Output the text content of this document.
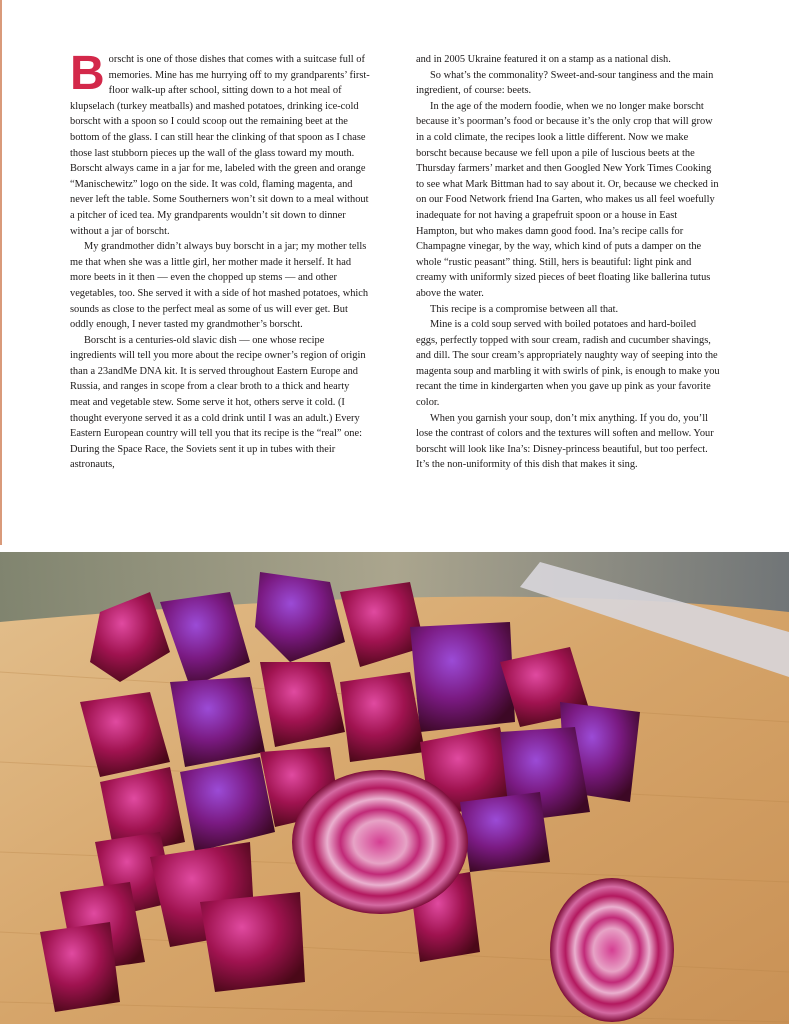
Borscht is one of those dishes that comes with a suitcase full of memories. Mine has me hurrying off to my grandparents’ first-floor walk-up after school, sitting down to a hot meal of klupselach (turkey meatballs) and mashed potatoes, drinking ice-cold borscht with a spoon so I could scoop out the remaining beet at the bottom of the glass. I can still hear the clinking of that spoon as I chase those last stubborn pieces up the wall of the glass toward my mouth. Borscht always came in a jar for me, labeled with the green and orange “Manischewitz” logo on the side. It was cold, flaming magenta, and never left the table. Some Southerners won’t sit down to a meal without a pitcher of iced tea. My grandparents wouldn’t sit down to dinner without a jar of borscht.

My grandmother didn’t always buy borscht in a jar; my mother tells me that when she was a little girl, her mother made it herself. It had more beets in it then — even the chopped up stems — and other vegetables, too. She served it with a side of hot mashed potatoes, which sounds as close to the perfect meal as some of us will ever get. But oddly enough, I never tasted my grandmother’s borscht.

Borscht is a centuries-old slavic dish — one whose recipe ingredients will tell you more about the recipe owner’s region of origin than a 23andMe DNA kit. It is served throughout Eastern Europe and Russia, and ranges in scope from a clear broth to a thick and hearty meat and vegetable stew. Some serve it hot, others serve it cold. (I thought everyone served it as a cold drink until I was an adult.) Every Eastern European country will tell you that its recipe is the “real” one: During the Space Race, the Soviets sent it up in tubes with their astronauts,

and in 2005 Ukraine featured it on a stamp as a national dish.

So what’s the commonality? Sweet-and-sour tanginess and the main ingredient, of course: beets.

In the age of the modern foodie, when we no longer make borscht because it’s poorman’s food or because it’s the only crop that will grow in a cold climate, the recipes look a little different. Now we make borscht because because we fell upon a pile of luscious beets at the Thursday farmers’ market and then Googled New York Times Cooking to see what Mark Bittman had to say about it. Or, because we checked in on our Food Network friend Ina Garten, who makes us all feel woefully inadequate for not having a grapefruit spoon or a house in East Hampton, but who makes damn good food. Ina’s recipe calls for Champagne vinegar, by the way, which kind of puts a damper on the whole “rustic peasant” thing. Still, hers is beautiful: light pink and creamy with uniformly sized pieces of beet floating like ballerina tutus above the water.

This recipe is a compromise between all that.

Mine is a cold soup served with boiled potatoes and hard-boiled eggs, perfectly topped with sour cream, radish and cucumber shavings, and dill. The sour cream’s appropriately naughty way of seeping into the magenta soup and marbling it with swirls of pink, is enough to make you recant the time in kindergarten when you gave up pink as your favorite color.

When you garnish your soup, don’t mix anything. If you do, you’ll lose the contrast of colors and the textures will soften and mellow. Your borscht will look like Ina’s: Disney-princess beautiful, but too perfect. It’s the non-uniformity of this dish that makes it sing.
